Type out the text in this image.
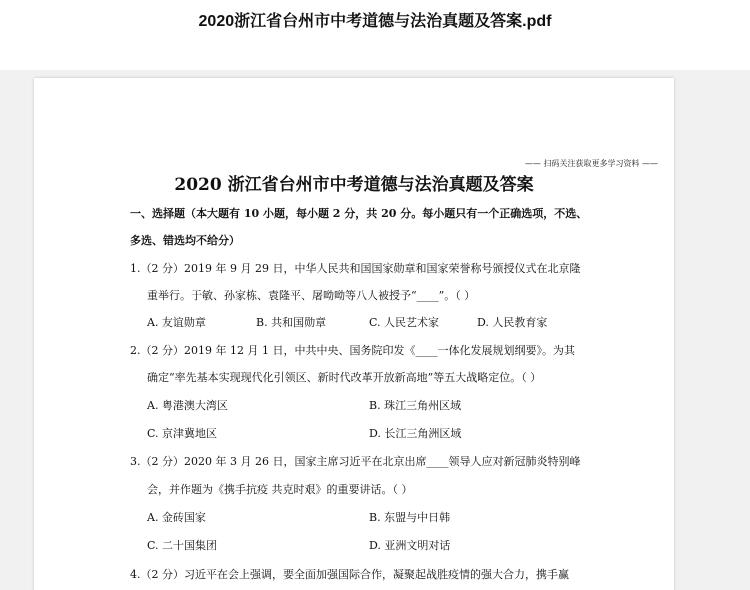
2020浙江省台州市中考道德与法治真题及答案.pdf

—— 扫码关注获取更多学习资料 ——

2020 浙江省台州市中考道德与法治真题及答案

一、选择题（本大题有 10 小题，每小题 2 分，共 20 分。每小题只有一个正确选项，不选、

多选、错选均不给分）

1.（2 分）2019 年 9 月 29 日，中华人民共和国国家勋章和国家荣誉称号颁授仪式在北京隆

重举行。于敏、孙家栋、袁隆平、屠呦呦等八人被授予“____”。（ ）

A. 友谊勋章	B. 共和国勋章	C. 人民艺术家	D. 人民教育家

2.（2 分）2019 年 12 月 1 日，中共中央、国务院印发《____一体化发展规划纲要》。为其

确定“率先基本实现现代化引领区、新时代改革开放新高地”等五大战略定位。（ ）

A. 粤港澳大湾区	B. 珠江三角州区域

C. 京津冀地区	D. 长江三角洲区域

3.（2 分）2020 年 3 月 26 日，国家主席习近平在北京出席____领导人应对新冠肺炎特别峰

会，并作题为《携手抗疫 共克时艰》的重要讲话。（ ）

A. 金砖国家	B. 东盟与中日韩

C. 二十国集团	D. 亚洲文明对话

4.（2 分）习近平在会上强调，要全面加强国际合作，凝聚起战胜疫情的强大合力，携手赢
